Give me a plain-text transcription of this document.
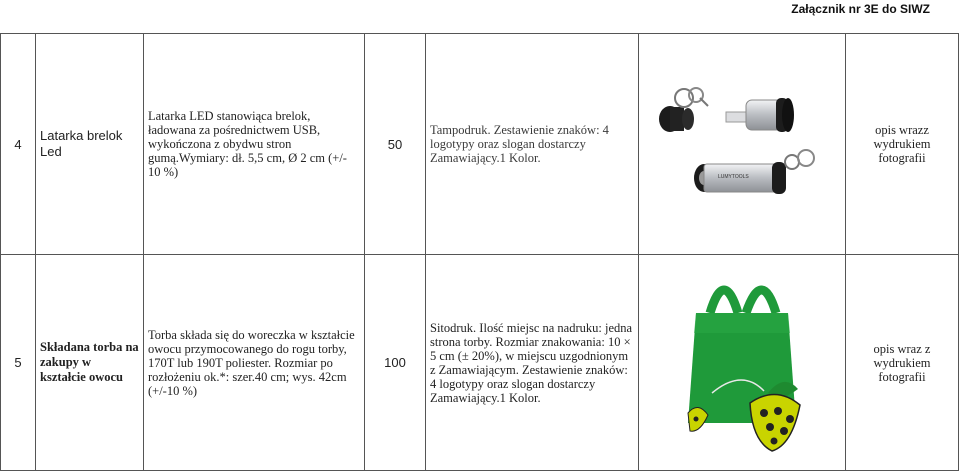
Załącznik nr 3E do SIWZ
4	Latarka brelok Led	Latarka LED stanowiąca brelok, ładowana za pośrednictwem USB, wykończona z obydwu stron gumą.Wymiary: dł. 5,5 cm, Ø 2 cm (+/- 10 %)	50	Tampodruk. Zestawienie znaków: 4 logotypy oraz slogan dostarczy Zamawiający.1 Kolor.	LUMYTOOLS	opis wrazz wydrukiem fotografii
5	Składana torba na zakupy w kształcie owocu	Torba składa się do woreczka w kształcie owocu przymocowanego do rogu torby, 170T lub 190T poliester. Rozmiar po rozłożeniu ok.*: szer.40 cm; wys. 42cm (+/-10 %)	100	Sitodruk. Ilość miejsc na nadruku: jedna strona torby. Rozmiar znakowania: 10 × 5 cm (± 20%), w miejscu uzgodnionym z Zamawiającym. Zestawienie znaków: 4 logotypy oraz slogan dostarczy Zamawiający.1 Kolor.		opis wraz z wydrukiem fotografii
